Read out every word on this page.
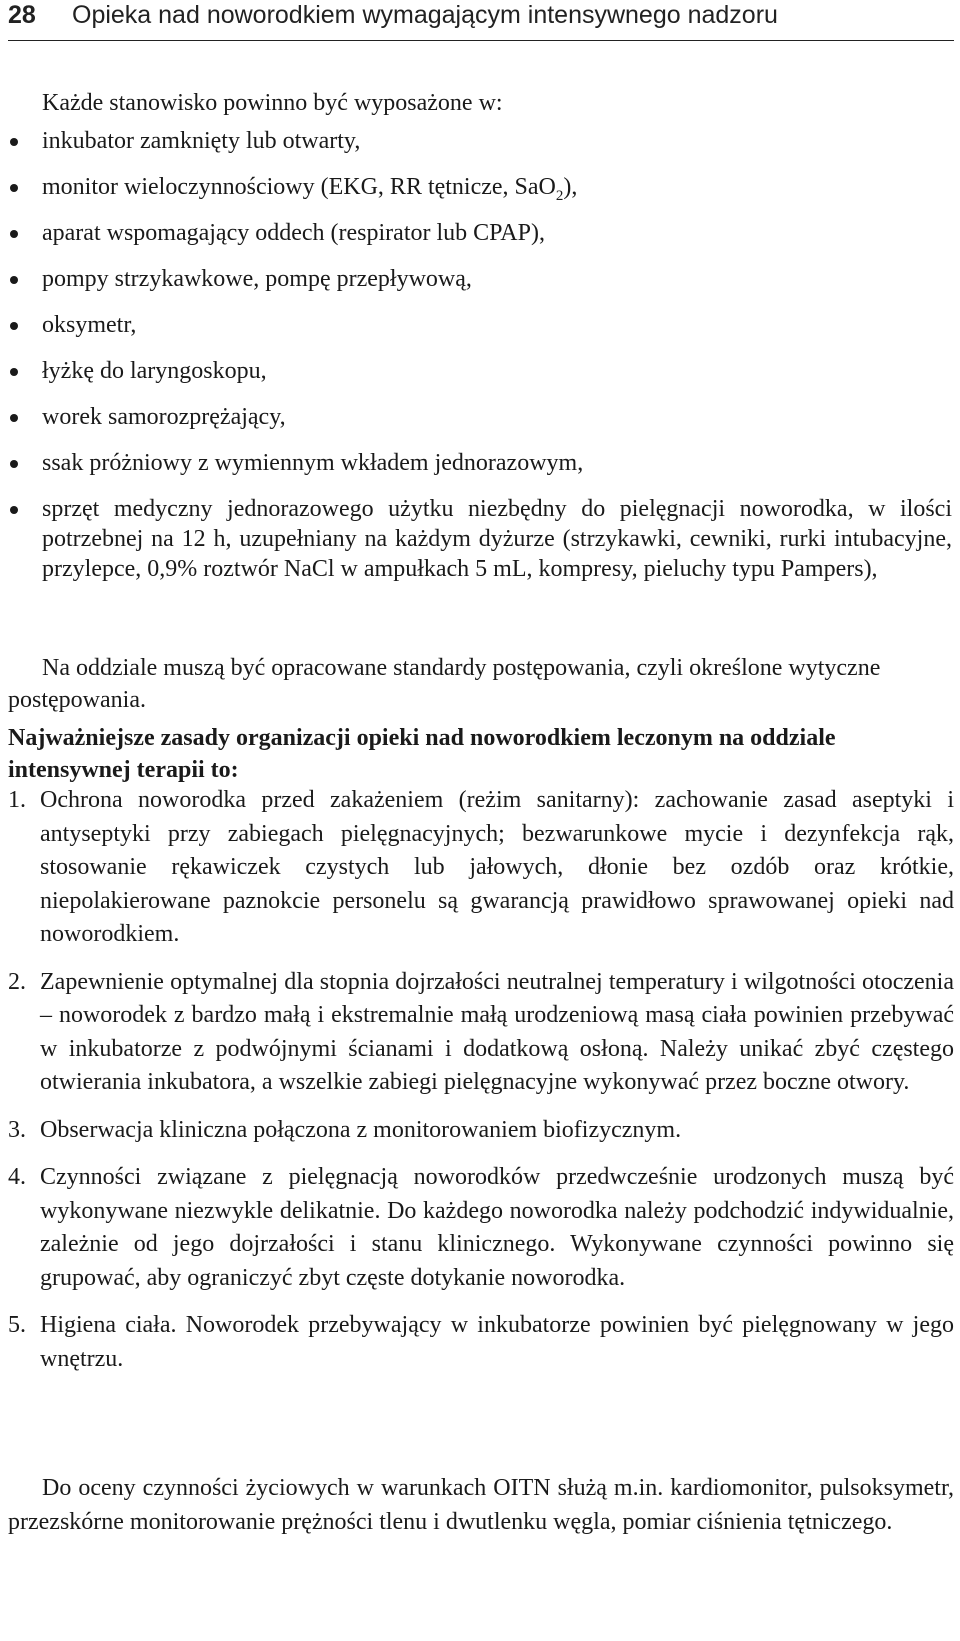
28 Opieka nad noworodkiem wymagającym intensywnego nadzoru

Każde stanowisko powinno być wyposażone w:

inkubator zamknięty lub otwarty,
monitor wieloczynnościowy (EKG, RR tętnicze, SaO$_2$),
aparat wspomagający oddech (respirator lub CPAP),
pompy strzykawkowe, pompę przepływową,
oksymetr,
łyżkę do laryngoskopu,
worek samorozprężający,
ssak próżniowy z wymiennym wkładem jednorazowym,
sprzęt medyczny jednorazowego użytku niezbędny do pielęgnacji noworodka, w ilości potrzebnej na 12 h, uzupełniany na każdym dyżurze (strzykawki, cewniki, rurki intubacyjne, przylepce, 0,9% roztwór NaCl w ampułkach 5 mL, kompresy, pieluchy typu Pampers),

Na oddziale muszą być opracowane standardy postępowania, czyli określone wytyczne postępowania.

Najważniejsze zasady organizacji opieki nad noworodkiem leczonym na oddziale intensywnej terapii to:

1. Ochrona noworodka przed zakażeniem (reżim sanitarny): zachowanie zasad aseptyki i antyseptyki przy zabiegach pielęgnacyjnych; bezwarunkowe mycie i dezynfekcja rąk, stosowanie rękawiczek czystych lub jałowych, dłonie bez ozdób oraz krótkie, niepolakierowane paznokcie personelu są gwarancją prawidłowo sprawowanej opieki nad noworodkiem.
2. Zapewnienie optymalnej dla stopnia dojrzałości neutralnej temperatury i wilgotności otoczenia – noworodek z bardzo małą i ekstremalnie małą urodzeniową masą ciała powinien przebywać w inkubatorze z podwójnymi ścianami i dodatkową osłoną. Należy unikać zbyć częstego otwierania inkubatora, a wszelkie zabiegi pielęgnacyjne wykonywać przez boczne otwory.
3. Obserwacja kliniczna połączona z monitorowaniem biofizycznym.
4. Czynności związane z pielęgnacją noworodków przedwcześnie urodzonych muszą być wykonywane niezwykle delikatnie. Do każdego noworodka należy podchodzić indywidualnie, zależnie od jego dojrzałości i stanu klinicznego. Wykonywane czynności powinno się grupować, aby ograniczyć zbyt częste dotykanie noworodka.
5. Higiena ciała. Noworodek przebywający w inkubatorze powinien być pielęgnowany w jego wnętrzu.

Do oceny czynności życiowych w warunkach OITN służą m.in. kardiomonitor, pulsoksymetr, przezskórne monitorowanie prężności tlenu i dwutlenku węgla, pomiar ciśnienia tętniczego.
